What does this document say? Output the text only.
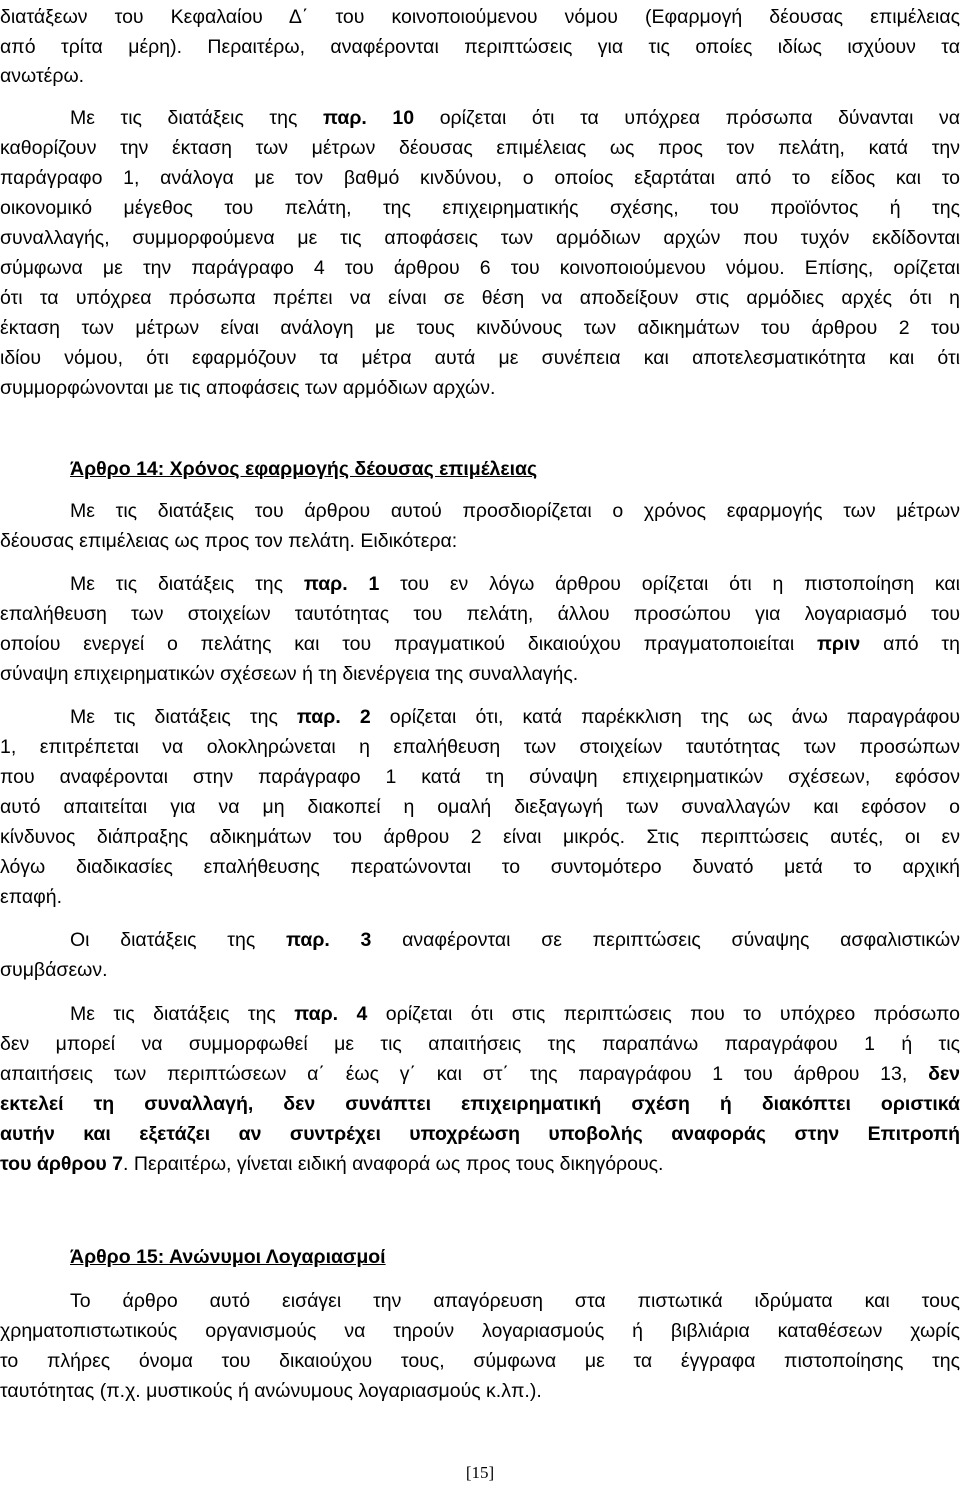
διατάξεων του Κεφαλαίου Δ΄ του κοινοποιούμενου νόμου (Εφαρμογή δέουσας επιμέλειας
από τρίτα μέρη). Περαιτέρω, αναφέρονται περιπτώσεις για τις οποίες ιδίως ισχύουν τα
ανωτέρω.
Με τις διατάξεις της παρ. 10 ορίζεται ότι τα υπόχρεα πρόσωπα δύνανται να
καθορίζουν την έκταση των μέτρων δέουσας επιμέλειας ως προς τον πελάτη, κατά την
παράγραφο 1, ανάλογα με τον βαθμό κινδύνου, ο οποίος εξαρτάται από το είδος και το
οικονομικό μέγεθος του πελάτη, της επιχειρηματικής σχέσης, του προϊόντος ή της
συναλλαγής, συμμορφούμενα με τις αποφάσεις των αρμόδιων αρχών που τυχόν εκδίδονται
σύμφωνα με την παράγραφο 4 του άρθρου 6 του κοινοποιούμενου νόμου. Επίσης, ορίζεται
ότι τα υπόχρεα πρόσωπα πρέπει να είναι σε θέση να αποδείξουν στις αρμόδιες αρχές ότι η
έκταση των μέτρων είναι ανάλογη με τους κινδύνους των αδικημάτων του άρθρου 2 του
ιδίου νόμου, ότι εφαρμόζουν τα μέτρα αυτά με συνέπεια και αποτελεσματικότητα και ότι
συμμορφώνονται με τις αποφάσεις των αρμόδιων αρχών.
Άρθρο 14: Χρόνος εφαρμογής δέουσας επιμέλειας
Με τις διατάξεις του άρθρου αυτού προσδιορίζεται ο χρόνος εφαρμογής των μέτρων
δέουσας επιμέλειας ως προς τον πελάτη. Ειδικότερα:
Με τις διατάξεις της παρ. 1 του εν λόγω άρθρου ορίζεται ότι η πιστοποίηση και
επαλήθευση των στοιχείων ταυτότητας του πελάτη, άλλου προσώπου για λογαριασμό του
οποίου ενεργεί ο πελάτης και του πραγματικού δικαιούχου πραγματοποιείται πριν από τη
σύναψη επιχειρηματικών σχέσεων ή τη διενέργεια της συναλλαγής.
Με τις διατάξεις της παρ. 2 ορίζεται ότι, κατά παρέκκλιση της ως άνω παραγράφου
1, επιτρέπεται να ολοκληρώνεται η επαλήθευση των στοιχείων ταυτότητας των προσώπων
που αναφέρονται στην παράγραφο 1 κατά τη σύναψη επιχειρηματικών σχέσεων, εφόσον
αυτό απαιτείται για να μη διακοπεί η ομαλή διεξαγωγή των συναλλαγών και εφόσον ο
κίνδυνος διάπραξης αδικημάτων του άρθρου 2 είναι μικρός. Στις περιπτώσεις αυτές, οι εν
λόγω διαδικασίες επαλήθευσης περατώνονται το συντομότερο δυνατό μετά το αρχική
επαφή.
Οι διατάξεις της παρ. 3 αναφέρονται σε περιπτώσεις σύναψης ασφαλιστικών
συμβάσεων.
Με τις διατάξεις της παρ. 4 ορίζεται ότι στις περιπτώσεις που το υπόχρεο πρόσωπο
δεν μπορεί να συμμορφωθεί με τις απαιτήσεις της παραπάνω παραγράφου 1 ή τις
απαιτήσεις των περιπτώσεων α΄ έως γ΄ και στ΄ της παραγράφου 1 του άρθρου 13, δεν
εκτελεί τη συναλλαγή, δεν συνάπτει επιχειρηματική σχέση ή διακόπτει οριστικά
αυτήν και εξετάζει αν συντρέχει υποχρέωση υποβολής αναφοράς στην Επιτροπή
του άρθρου 7. Περαιτέρω, γίνεται ειδική αναφορά ως προς τους δικηγόρους.
Άρθρο 15: Ανώνυμοι Λογαριασμοί
Το άρθρο αυτό εισάγει την απαγόρευση στα πιστωτικά ιδρύματα και τους
χρηματοπιστωτικούς οργανισμούς να τηρούν λογαριασμούς ή βιβλιάρια καταθέσεων χωρίς
το πλήρες όνομα του δικαιούχου τους, σύμφωνα με τα έγγραφα πιστοποίησης της
ταυτότητας (π.χ. μυστικούς ή ανώνυμους λογαριασμούς κ.λπ.).
[15]
